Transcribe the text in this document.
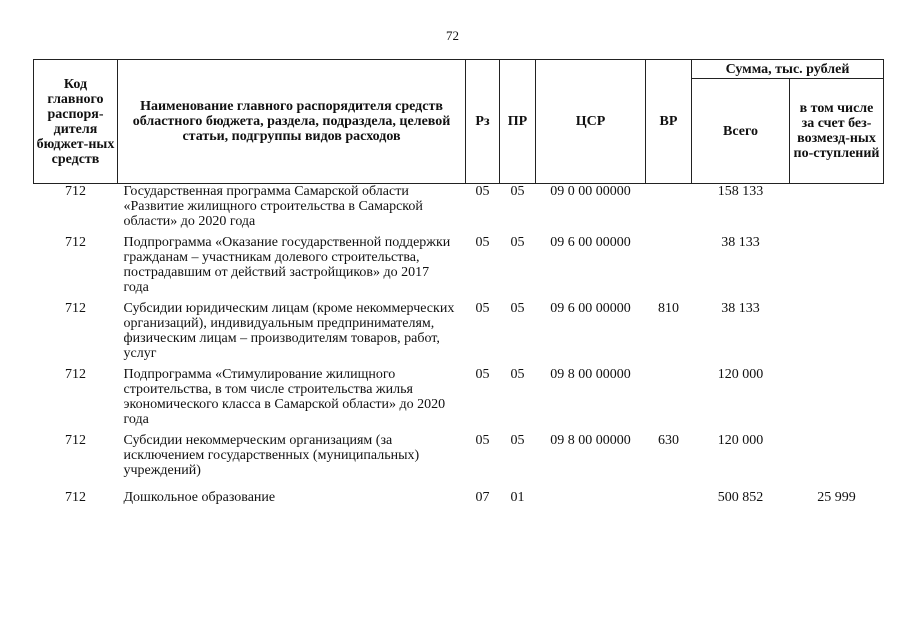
72
Код главного распоря-дителя бюджет-ных средств	Наименование главного распорядителя средств областного бюджета, раздела, подраздела, целевой статьи, подгруппы видов расходов	Рз	ПР	ЦСР	ВР	Сумма, тыс. рублей	
						Всего	в том числе за счет без-возмезд-ных по-ступлений
712	Государственная программа Самарской области «Развитие жилищного строительства в Самарской области» до 2020 года	05	05	09 0 00 00000		158 133	
712	Подпрограмма «Оказание государственной поддержки гражданам – участникам долевого строительства, пострадавшим от действий застройщиков» до 2017 года	05	05	09 6 00 00000		38 133	
712	Субсидии юридическим лицам (кроме некоммерческих организаций), индивидуальным предпринимателям, физическим лицам – производителям товаров, работ, услуг	05	05	09 6 00 00000	810	38 133	
712	Подпрограмма «Стимулирование жилищного строительства, в том числе строительства жилья экономического класса в Самарской области» до 2020 года	05	05	09 8 00 00000		120 000	
712	Субсидии некоммерческим организациям (за исключением государственных (муниципальных) учреждений)	05	05	09 8 00 00000	630	120 000	
712	Дошкольное образование	07	01			500 852	25 999
